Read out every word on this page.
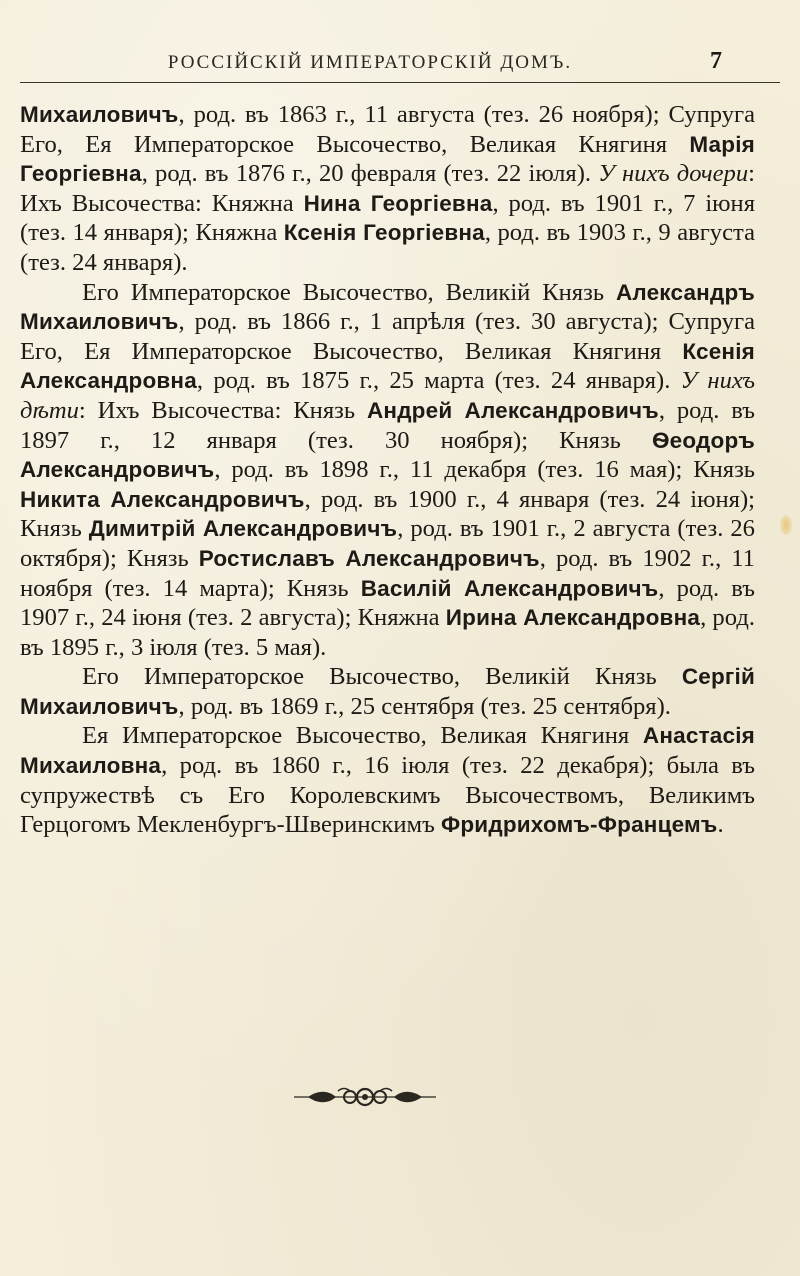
РОССІЙСКІЙ ИМПЕРАТОРСКІЙ ДОМЪ.	7

Михаиловичъ, род. въ 1863 г., 11 августа (тез. 26 ноября); Супруга Его, Ея Императорское Высочество, Великая Княгиня Марія Георгіевна, род. въ 1876 г., 20 февраля (тез. 22 іюля). У нихъ дочери: Ихъ Высочества: Княжна Нина Георгіевна, род. въ 1901 г., 7 іюня (тез. 14 января); Княжна Ксенія Георгіевна, род. въ 1903 г., 9 августа (тез. 24 января).

Его Императорское Высочество, Великій Князь Александръ Михаиловичъ, род. въ 1866 г., 1 апрѣля (тез. 30 августа); Супруга Его, Ея Императорское Высочество, Великая Княгиня Ксенія Александровна, род. въ 1875 г., 25 марта (тез. 24 января). У нихъ дѣти: Ихъ Высочества: Князь Андрей Александровичъ, род. въ 1897 г., 12 января (тез. 30 ноября); Князь Ѳеодоръ Александровичъ, род. въ 1898 г., 11 декабря (тез. 16 мая); Князь Никита Александровичъ, род. въ 1900 г., 4 января (тез. 24 іюня); Князь Димитрій Александровичъ, род. въ 1901 г., 2 августа (тез. 26 октября); Князь Ростиславъ Александровичъ, род. въ 1902 г., 11 ноября (тез. 14 марта); Князь Василій Александровичъ, род. въ 1907 г., 24 іюня (тез. 2 августа); Княжна Ирина Александровна, род. въ 1895 г., 3 іюля (тез. 5 мая).

Его Императорское Высочество, Великій Князь Сергій Михаиловичъ, род. въ 1869 г., 25 сентября (тез. 25 сентября).

Ея Императорское Высочество, Великая Княгиня Анастасія Михаиловна, род. въ 1860 г., 16 іюля (тез. 22 декабря); была въ супружествѣ съ Его Королевскимъ Высочествомъ, Великимъ Герцогомъ Мекленбургъ-Шверинскимъ Фридрихомъ-Францемъ.
